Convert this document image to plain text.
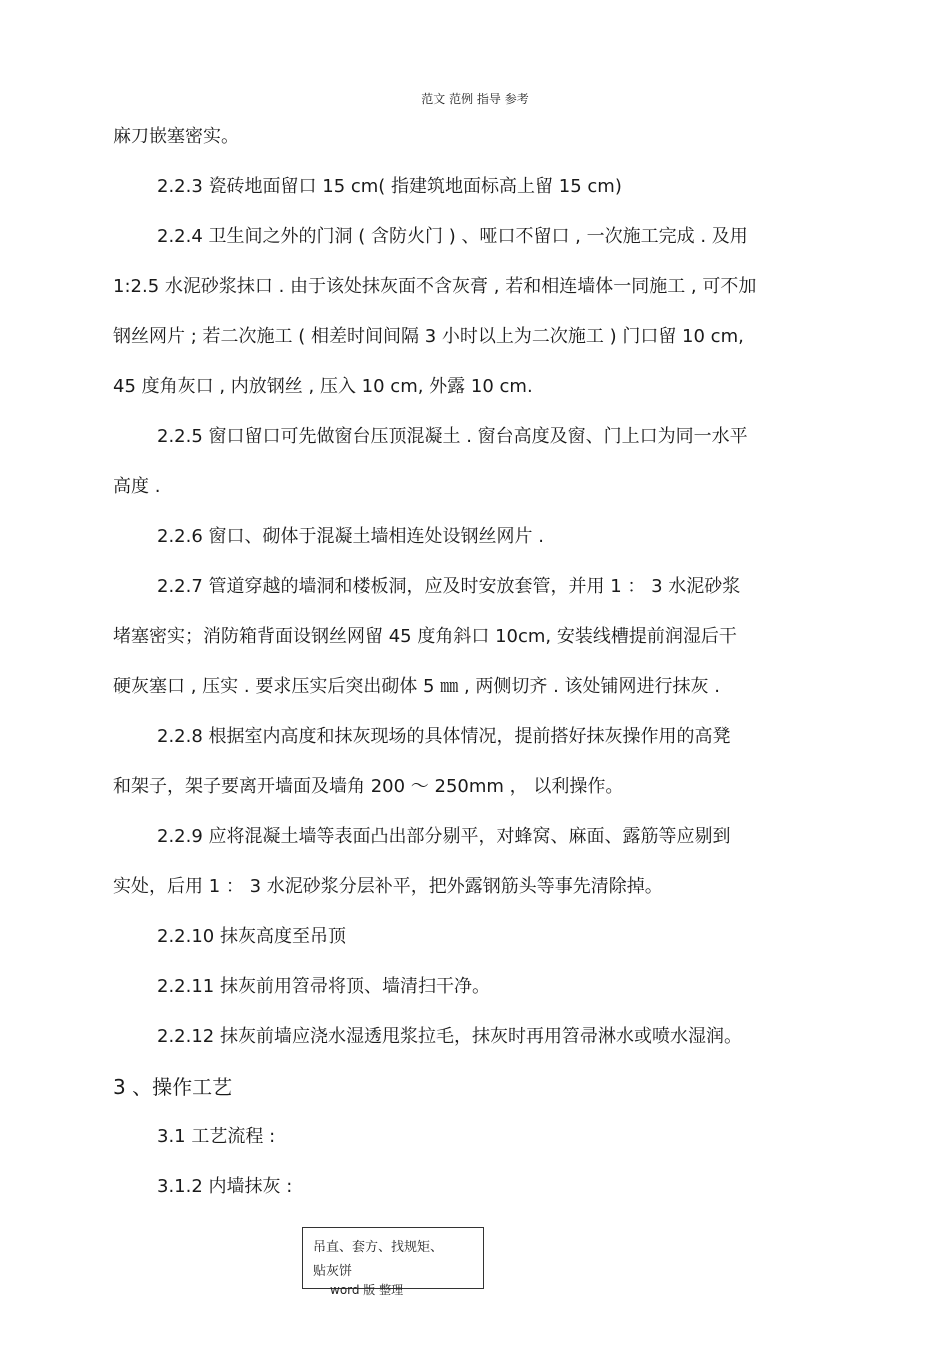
范文 范例 指导 参考

麻刀嵌塞密实。

2.2.3 瓷砖地面留口 15 cm( 指建筑地面标高上留 15 cm)

2.2.4 卫生间之外的门洞 ( 含防火门 ) 、哑口不留口 , 一次施工完成 . 及用

1:2.5 水泥砂浆抹口 . 由于该处抹灰面不含灰膏 , 若和相连墙体一同施工 , 可不加

钢丝网片 ; 若二次施工 ( 相差时间间隔 3 小时以上为二次施工 ) 门口留 10 cm,

45 度角灰口 , 内放钢丝 , 压入 10 cm, 外露 10 cm.

2.2.5 窗口留口可先做窗台压顶混凝土 . 窗台高度及窗、门上口为同一水平

高度 .

2.2.6 窗口、砌体于混凝土墙相连处设钢丝网片 .

2.2.7 管道穿越的墙洞和楼板洞，应及时安放套管，并用 1 ： 3 水泥砂浆

堵塞密实；消防箱背面设钢丝网留 45 度角斜口 10cm, 安装线槽提前润湿后干

硬灰塞口 , 压实 . 要求压实后突出砌体 5 ㎜ , 两侧切齐 . 该处铺网进行抹灰 .

2.2.8 根据室内高度和抹灰现场的具体情况，提前搭好抹灰操作用的高凳

和架子，架子要离开墙面及墙角 200 ～ 250mm ， 以利操作。

2.2.9 应将混凝土墙等表面凸出部分剔平，对蜂窝、麻面、露筋等应剔到

实处，后用 1 ： 3 水泥砂浆分层补平，把外露钢筋头等事先清除掉。

2.2.10 抹灰高度至吊顶

2.2.11 抹灰前用笤帚将顶、墙清扫干净。

2.2.12 抹灰前墙应浇水湿透甩浆拉毛，抹灰时再用笤帚淋水或喷水湿润。

3 、操作工艺

3.1 工艺流程 :

3.1.2 内墙抹灰 :

吊直、套方、找规矩、
贴灰饼
word 版 整理
